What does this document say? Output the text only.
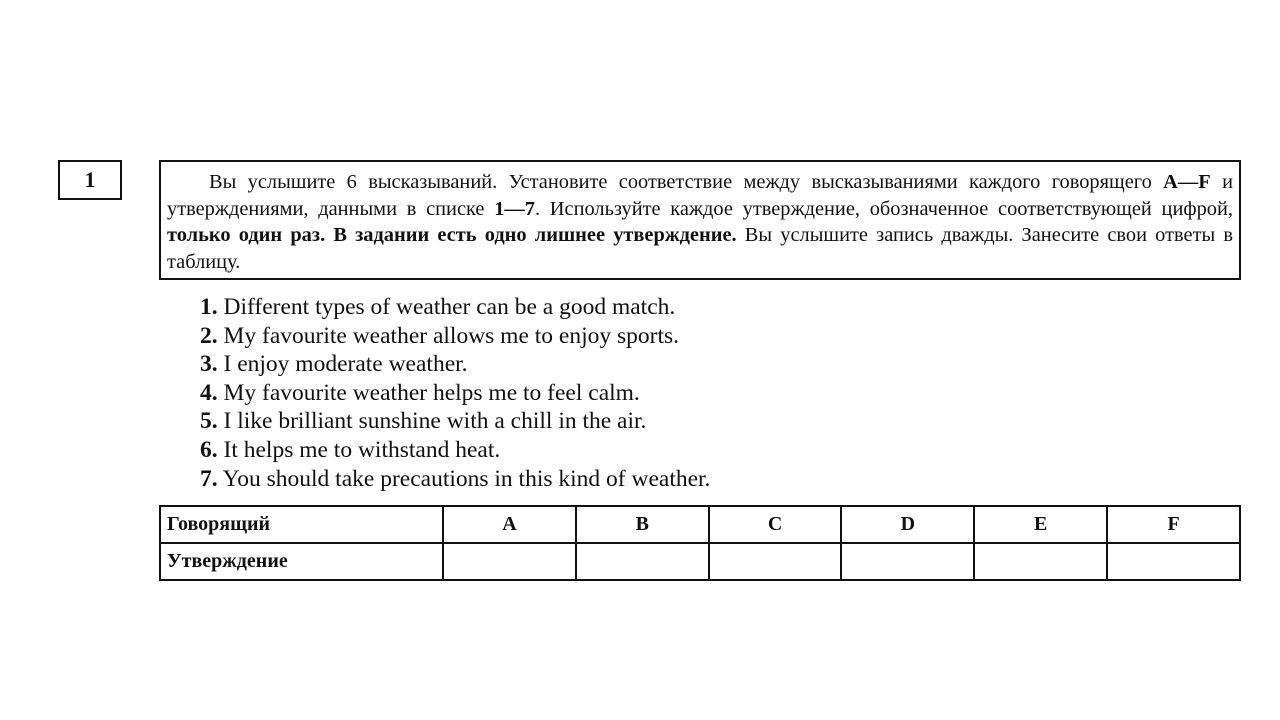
1	Вы услышите 6 высказываний. Установите соответствие между высказываниями каждого говорящего A—F и утверждениями, данными в списке 1—7. Используйте каждое утверждение, обозначенное соответствующей цифрой, только один раз. В задании есть одно лишнее утверждение. Вы услышите запись дважды. Занесите свои ответы в таблицу.
1. Different types of weather can be a good match.
2. My favourite weather allows me to enjoy sports.
3. I enjoy moderate weather.
4. My favourite weather helps me to feel calm.
5. I like brilliant sunshine with a chill in the air.
6. It helps me to withstand heat.
7. You should take precautions in this kind of weather.
Говорящий	A	B	C	D	E	F
Утверждение						
